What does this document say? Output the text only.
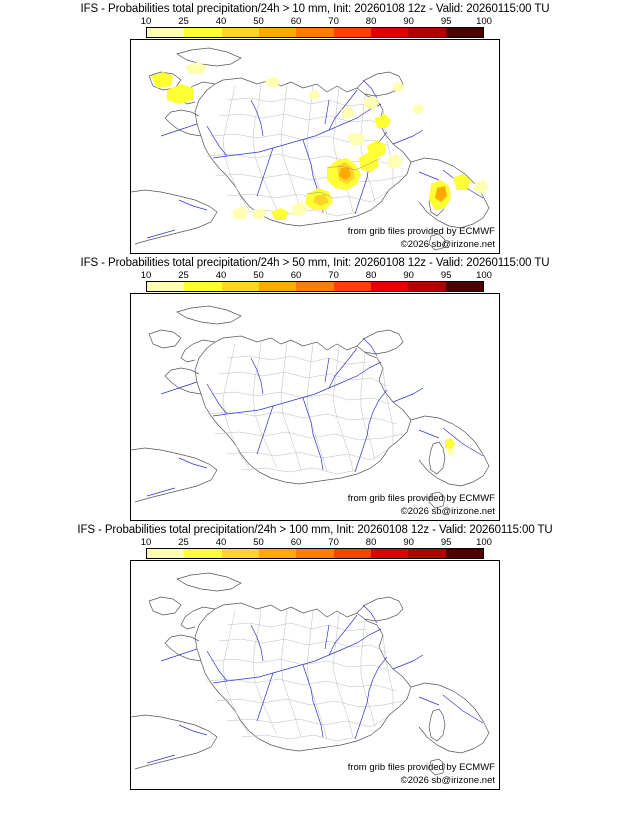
IFS - Probabilities total precipitation/24h > 10 mm, Init: 20260108 12z - Valid: 20260115:00 TU
10	25	40	50	60	70	80	90	95	100
from grib files provided by ECMWF
©2026 sb@irizone.net
IFS - Probabilities total precipitation/24h > 50 mm, Init: 20260108 12z - Valid: 20260115:00 TU
10	25	40	50	60	70	80	90	95	100
from grib files provided by ECMWF
©2026 sb@irizone.net
IFS - Probabilities total precipitation/24h > 100 mm, Init: 20260108 12z - Valid: 20260115:00 TU
10	25	40	50	60	70	80	90	95	100
from grib files provided by ECMWF
©2026 sb@irizone.net
